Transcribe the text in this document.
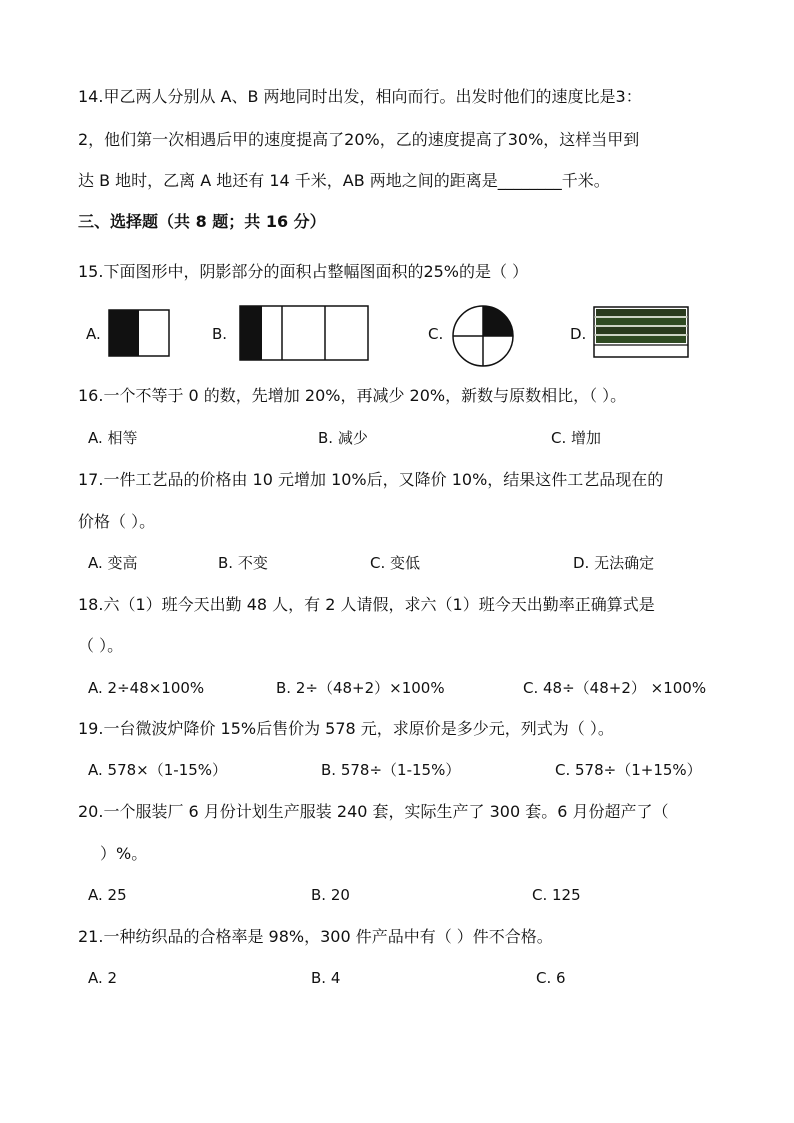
14.甲乙两人分别从 A、B 两地同时出发，相向而行。出发时他们的速度比是3：
2，他们第一次相遇后甲的速度提高了20%，乙的速度提高了30%，这样当甲到
达 B 地时，乙离 A 地还有 14 千米，AB 两地之间的距离是________千米。
三、选择题（共 8 题；共 16 分）
15.下面图形中，阴影部分的面积占整幅图面积的25%的是（ ）
A.	B.	C.	D.
16.一个不等于 0 的数，先增加 20%，再减少 20%，新数与原数相比，（ ）。
A. 相等	B. 减少	C. 增加
17.一件工艺品的价格由 10 元增加 10%后，又降价 10%，结果这件工艺品现在的
价格（ ）。
A. 变高	B. 不变	C. 变低	D. 无法确定
18.六（1）班今天出勤 48 人，有 2 人请假，求六（1）班今天出勤率正确算式是
（ ）。
A. 2÷48×100%	B. 2÷（48+2）×100%	C. 48÷（48+2） ×100%
19.一台微波炉降价 15%后售价为 578 元，求原价是多少元，列式为（ ）。
A. 578×（1-15%）	B. 578÷（1-15%）	C. 578÷（1+15%）
20.一个服装厂 6 月份计划生产服装 240 套，实际生产了 300 套。6 月份超产了（
）%。
A. 25	B. 20	C. 125
21.一种纺织品的合格率是 98%，300 件产品中有（ ）件不合格。
A. 2	B. 4	C. 6
